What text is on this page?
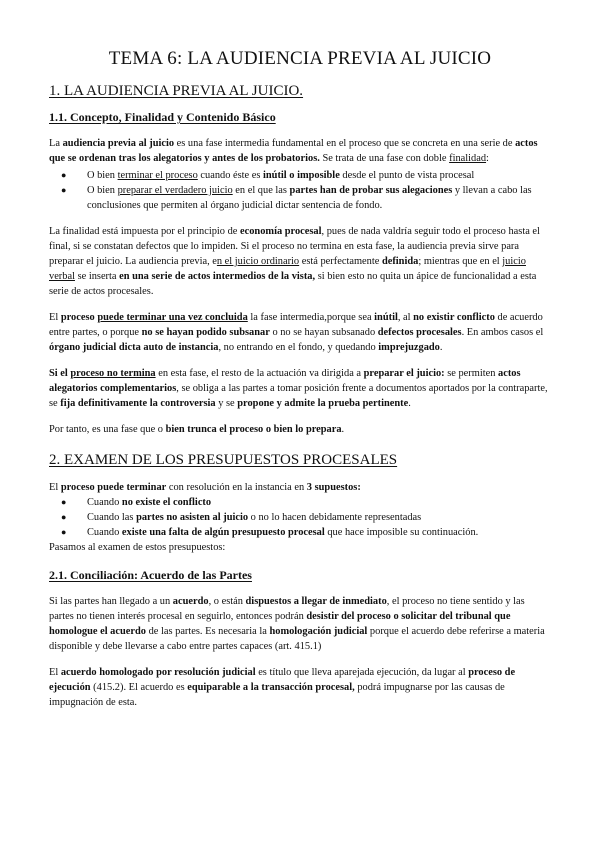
TEMA 6: LA AUDIENCIA PREVIA AL JUICIO
1. LA AUDIENCIA PREVIA AL JUICIO.
1.1. Concepto, Finalidad y Contenido Básico

La audiencia previa al juicio es una fase intermedia fundamental en el proceso que se concreta en una serie de actos que se ordenan tras los alegatorios y antes de los probatorios. Se trata de una fase con doble finalidad:

● O bien terminar el proceso cuando éste es inútil o imposible desde el punto de vista procesal
● O bien preparar el verdadero juicio en el que las partes han de probar sus alegaciones y llevan a cabo las conclusiones que permiten al órgano judicial dictar sentencia de fondo.

La finalidad está impuesta por el principio de economía procesal, pues de nada valdría seguir todo el proceso hasta el final, si se constatan defectos que lo impiden. Si el proceso no termina en esta fase, la audiencia previa sirve para preparar el juicio. La audiencia previa, en el juicio ordinario está perfectamente definida; mientras que en el juicio verbal se inserta en una serie de actos intermedios de la vista, si bien esto no quita un ápice de funcionalidad a esta serie de actos procesales.

El proceso puede terminar una vez concluida la fase intermedia,porque sea inútil, al no existir conflicto de acuerdo entre partes, o porque no se hayan podido subsanar o no se hayan subsanado defectos procesales. En ambos casos el órgano judicial dicta auto de instancia, no entrando en el fondo, y quedando imprejuzgado.

Si el proceso no termina en esta fase, el resto de la actuación va dirigida a preparar el juicio: se permiten actos alegatorios complementarios, se obliga a las partes a tomar posición frente a documentos aportados por la contraparte, se fija definitivamente la controversia y se propone y admite la prueba pertinente.

Por tanto, es una fase que o bien trunca el proceso o bien lo prepara.

2. EXAMEN DE LOS PRESUPUESTOS PROCESALES

El proceso puede terminar con resolución en la instancia en 3 supuestos:

● Cuando no existe el conflicto
● Cuando las partes no asisten al juicio o no lo hacen debidamente representadas
● Cuando existe una falta de algún presupuesto procesal que hace imposible su continuación.

Pasamos al examen de estos presupuestos:

2.1. Conciliación: Acuerdo de las Partes

Si las partes han llegado a un acuerdo, o están dispuestos a llegar de inmediato, el proceso no tiene sentido y las partes no tienen interés procesal en seguirlo, entonces podrán desistir del proceso o solicitar del tribunal que homologue el acuerdo de las partes. Es necesaria la homologación judicial porque el acuerdo debe referirse a materia disponible y debe llevarse a cabo entre partes capaces (art. 415.1)

El acuerdo homologado por resolución judicial es título que lleva aparejada ejecución, da lugar al proceso de ejecución (415.2). El acuerdo es equiparable a la transacción procesal, podrá impugnarse por las causas de impugnación de esta.
